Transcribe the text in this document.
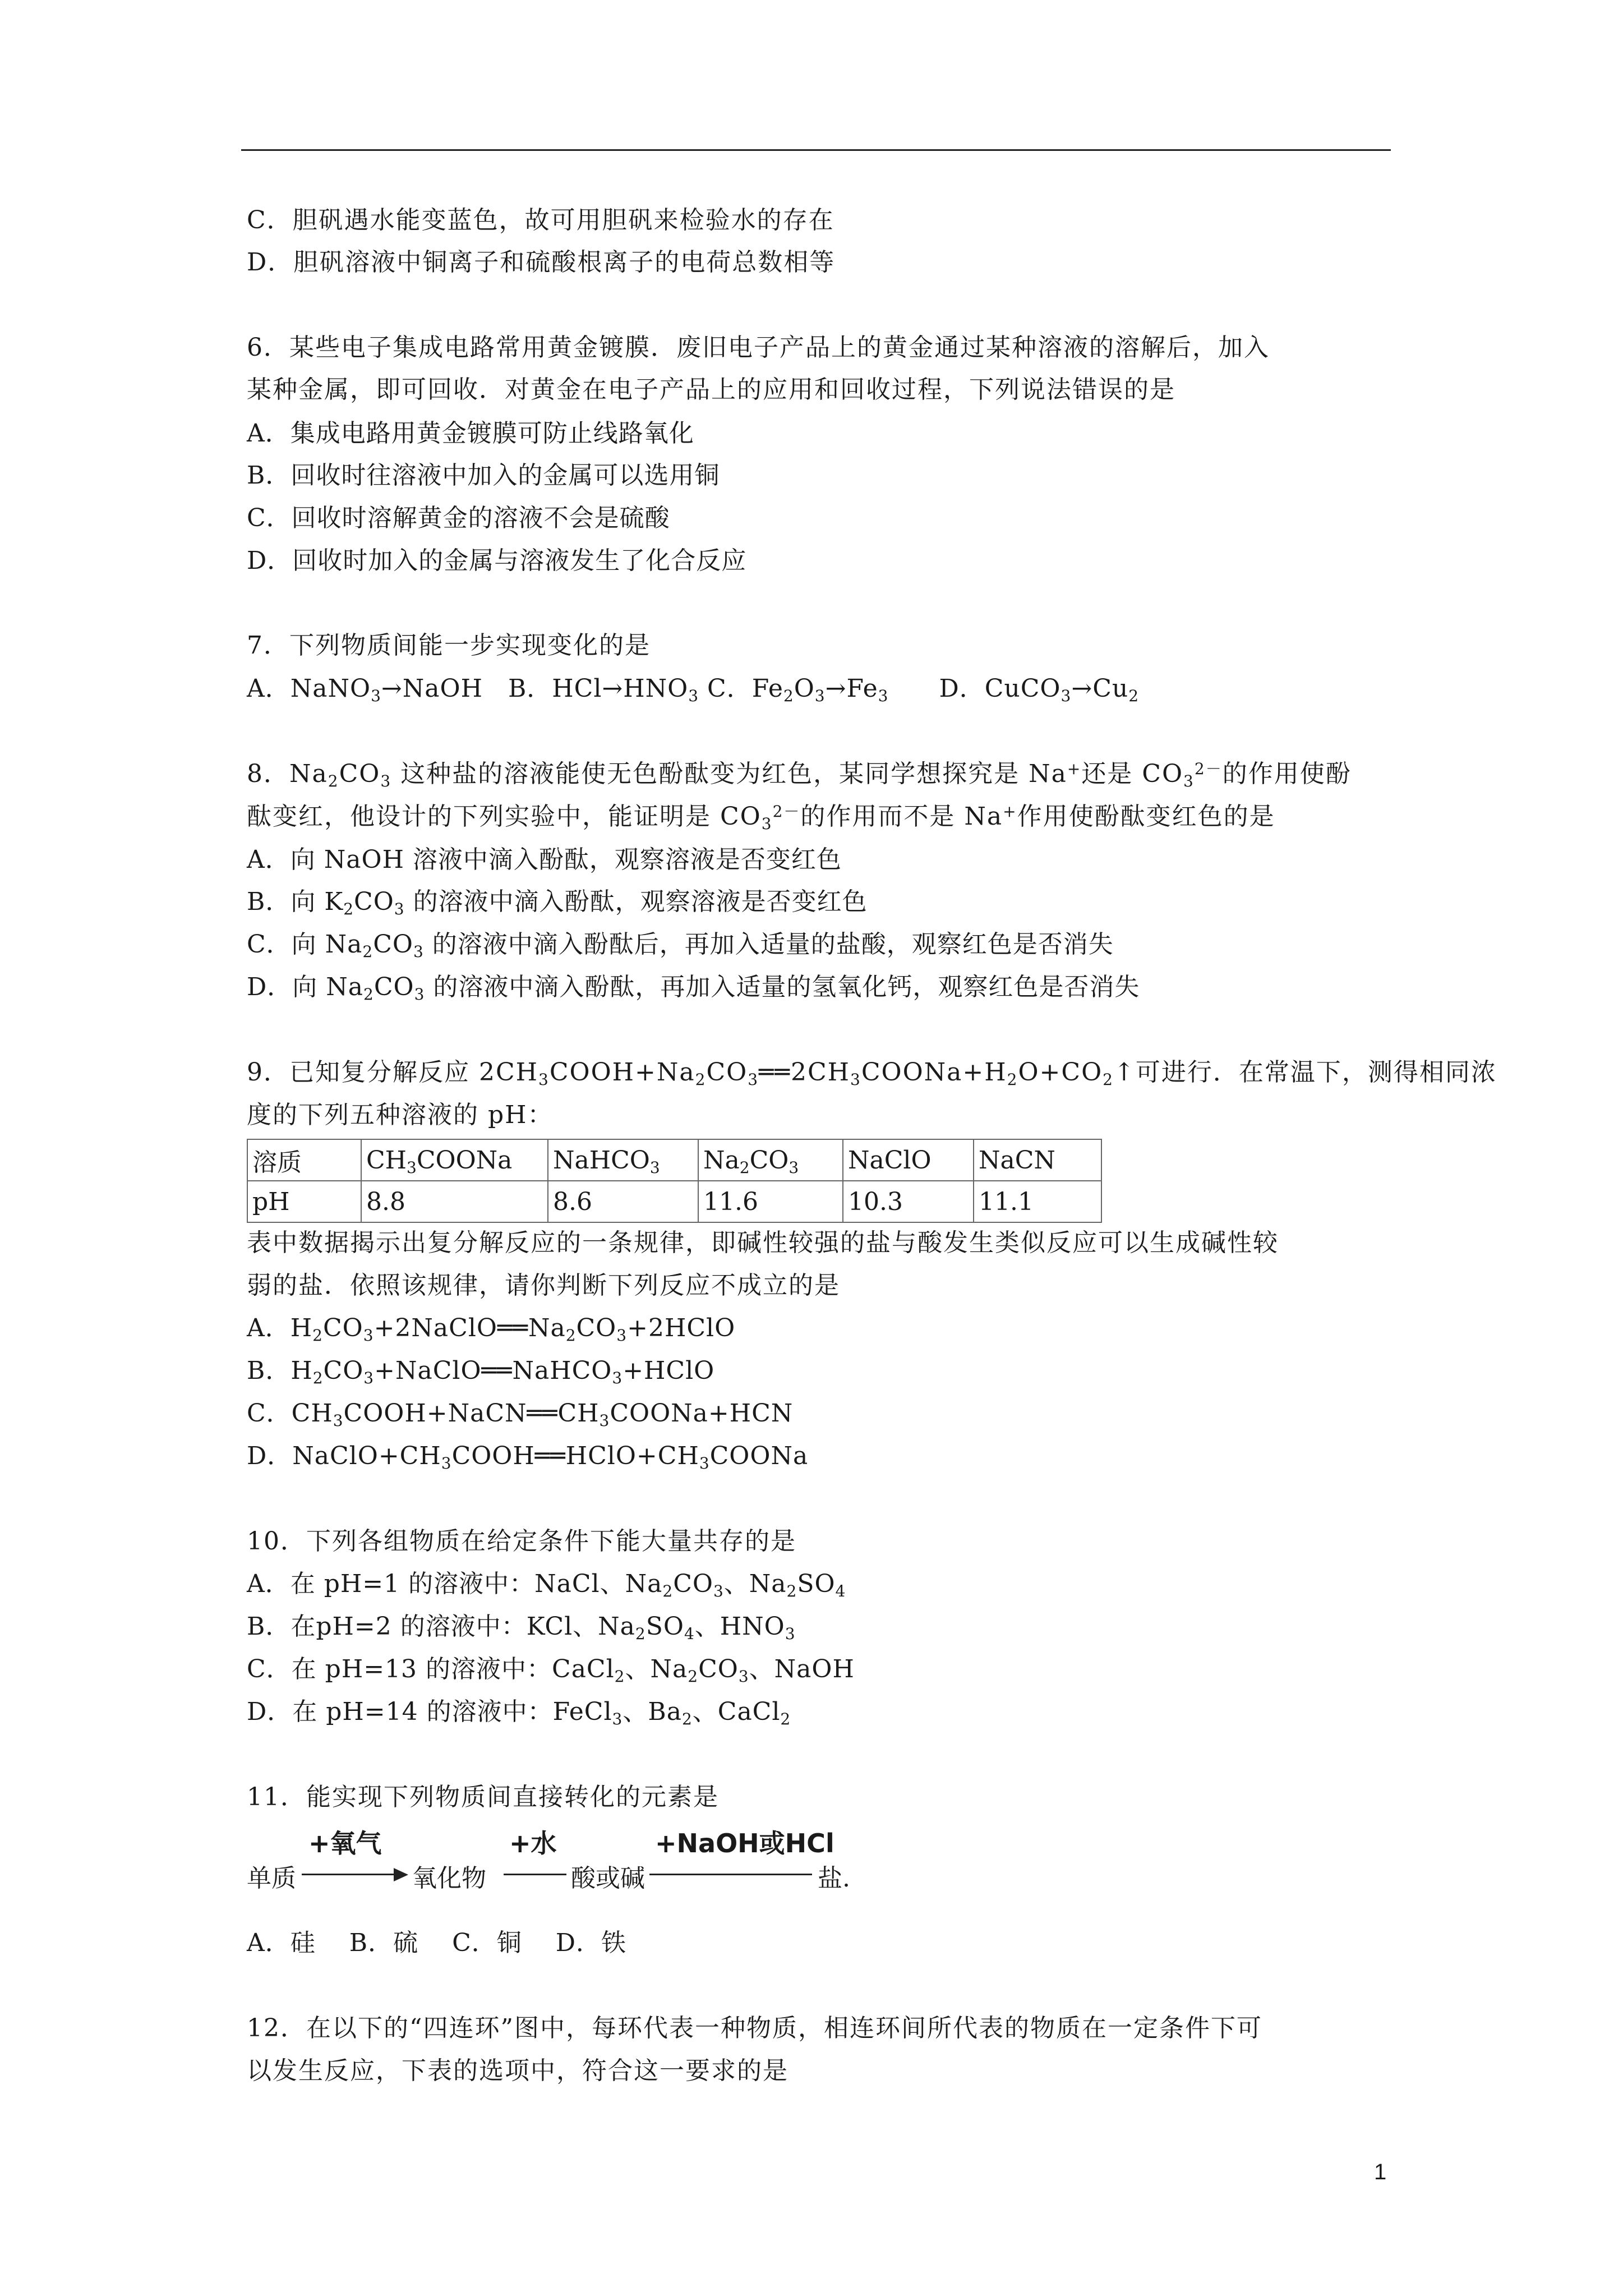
C．胆矾遇水能变蓝色，故可用胆矾来检验水的存在
D．胆矾溶液中铜离子和硫酸根离子的电荷总数相等
6．某些电子集成电路常用黄金镀膜．废旧电子产品上的黄金通过某种溶液的溶解后，加入
某种金属，即可回收．对黄金在电子产品上的应用和回收过程，下列说法错误的是
A．集成电路用黄金镀膜可防止线路氧化
B．回收时往溶液中加入的金属可以选用铜
C．回收时溶解黄金的溶液不会是硫酸
D．回收时加入的金属与溶液发生了化合反应
7．下列物质间能一步实现变化的是
A．NaNO$_3$→NaOH　B．$HCl\to HNO_3$ C．$Fe_2O_3\to Fe_3$　　D．$CuCO_3\to Cu_2$
8．$Na_2CO_3$ 这种盐的溶液能使无色酚酞变为红色，某同学想探究是 Na+还是 $CO_3^{2-}$的作用使酚
酞变红，他设计的下列实验中，能证明是 $CO_3^{2-}$的作用而不是 Na+作用使酚酞变红色的是
A．向 NaOH 溶液中滴入酚酞，观察溶液是否变红色
B．向 $K_2CO_3$ 的溶液中滴入酚酞，观察溶液是否变红色
C．向 $Na_2CO_3$ 的溶液中滴入酚酞后，再加入适量的盐酸，观察红色是否消失
D．向 $Na_2CO_3$ 的溶液中滴入酚酞，再加入适量的氢氧化钙，观察红色是否消失
9．已知复分解反应 $2CH_3COOH+Na_2CO_3══2CH_3COONa+H_2O+CO_2↑$可进行．在常温下，测得相同浓
度的下列五种溶液的 pH：
溶质	$CH_3COONa$	NaHCO$_3$	$Na_2CO_3$	NaClO	NaCN
pH	8.8	8.6	11.6	10.3	11.1
表中数据揭示出复分解反应的一条规律，即碱性较强的盐与酸发生类似反应可以生成碱性较
弱的盐．依照该规律，请你判断下列反应不成立的是
A．$H_2CO_3+2NaClO══Na_2CO_3+2HClO$
B．$H_2CO_3+NaClO══NaHCO_3+HClO$
C．$CH_3COOH+NaCN══CH_3COONa+HCN$
D．$NaClO+CH_3COOH══HClO+CH_3COONa$
10．下列各组物质在给定条件下能大量共存的是
A．在 pH=1 的溶液中：NaCl、$Na_2CO_3$、$Na_2SO_4$
B．在pH=2 的溶液中：KCl、$Na_2SO_4$、$HNO_3$
C．在 pH=13 的溶液中：CaCl$_2$、$Na_2CO_3$、NaOH
D．在 pH=14 的溶液中：FeCl$_3$、$Ba_2$、CaCl$_2$
11．能实现下列物质间直接转化的元素是
单质
+氧气
氧化物
+水
酸或碱
+NaOH或HCl
盐.
A．硅　 B．硫　 C．铜　 D．铁
12．在以下的“四连环”图中，每环代表一种物质，相连环间所代表的物质在一定条件下可
以发生反应，下表的选项中，符合这一要求的是
1
